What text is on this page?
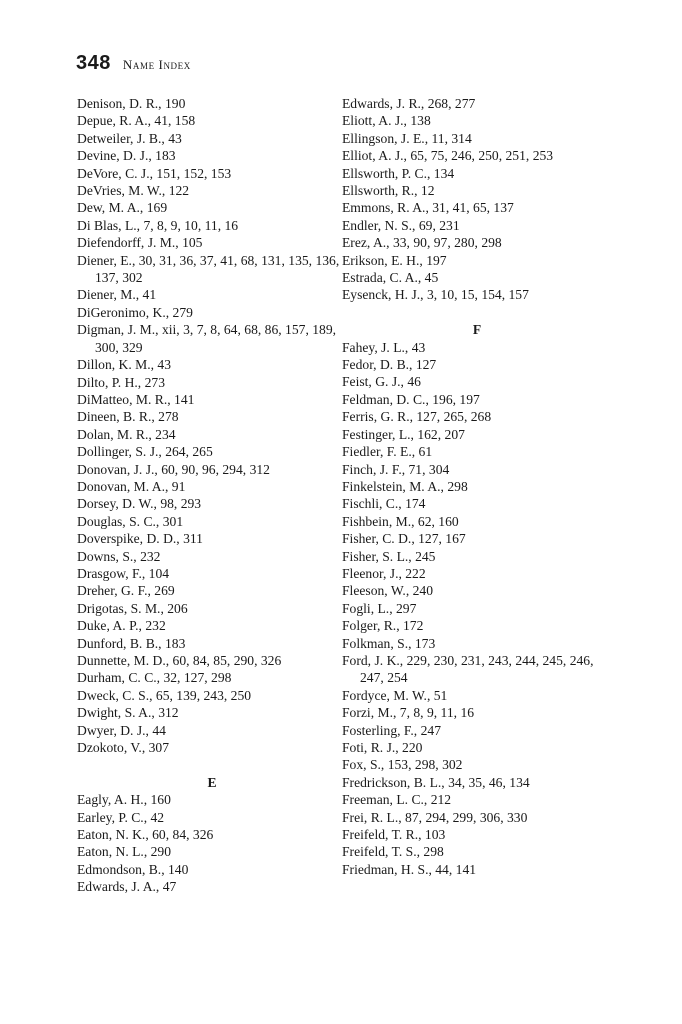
348 Name Index

Denison, D. R., 190

Depue, R. A., 41, 158

Detweiler, J. B., 43

Devine, D. J., 183

DeVore, C. J., 151, 152, 153

DeVries, M. W., 122

Dew, M. A., 169

Di Blas, L., 7, 8, 9, 10, 11, 16

Diefendorff, J. M., 105

Diener, E., 30, 31, 36, 37, 41, 68, 131, 135, 136, 137, 302

Diener, M., 41

DiGeronimo, K., 279

Digman, J. M., xii, 3, 7, 8, 64, 68, 86, 157, 189, 300, 329

Dillon, K. M., 43

Dilto, P. H., 273

DiMatteo, M. R., 141

Dineen, B. R., 278

Dolan, M. R., 234

Dollinger, S. J., 264, 265

Donovan, J. J., 60, 90, 96, 294, 312

Donovan, M. A., 91

Dorsey, D. W., 98, 293

Douglas, S. C., 301

Doverspike, D. D., 311

Downs, S., 232

Drasgow, F., 104

Dreher, G. F., 269

Drigotas, S. M., 206

Duke, A. P., 232

Dunford, B. B., 183

Dunnette, M. D., 60, 84, 85, 290, 326

Durham, C. C., 32, 127, 298

Dweck, C. S., 65, 139, 243, 250

Dwight, S. A., 312

Dwyer, D. J., 44

Dzokoto, V., 307

E

Eagly, A. H., 160

Earley, P. C., 42

Eaton, N. K., 60, 84, 326

Eaton, N. L., 290

Edmondson, B., 140

Edwards, J. A., 47

Edwards, J. R., 268, 277

Eliott, A. J., 138

Ellingson, J. E., 11, 314

Elliot, A. J., 65, 75, 246, 250, 251, 253

Ellsworth, P. C., 134

Ellsworth, R., 12

Emmons, R. A., 31, 41, 65, 137

Endler, N. S., 69, 231

Erez, A., 33, 90, 97, 280, 298

Erikson, E. H., 197

Estrada, C. A., 45

Eysenck, H. J., 3, 10, 15, 154, 157

F

Fahey, J. L., 43

Fedor, D. B., 127

Feist, G. J., 46

Feldman, D. C., 196, 197

Ferris, G. R., 127, 265, 268

Festinger, L., 162, 207

Fiedler, F. E., 61

Finch, J. F., 71, 304

Finkelstein, M. A., 298

Fischli, C., 174

Fishbein, M., 62, 160

Fisher, C. D., 127, 167

Fisher, S. L., 245

Fleenor, J., 222

Fleeson, W., 240

Fogli, L., 297

Folger, R., 172

Folkman, S., 173

Ford, J. K., 229, 230, 231, 243, 244, 245, 246, 247, 254

Fordyce, M. W., 51

Forzi, M., 7, 8, 9, 11, 16

Fosterling, F., 247

Foti, R. J., 220

Fox, S., 153, 298, 302

Fredrickson, B. L., 34, 35, 46, 134

Freeman, L. C., 212

Frei, R. L., 87, 294, 299, 306, 330

Freifeld, T. R., 103

Freifeld, T. S., 298

Friedman, H. S., 44, 141
